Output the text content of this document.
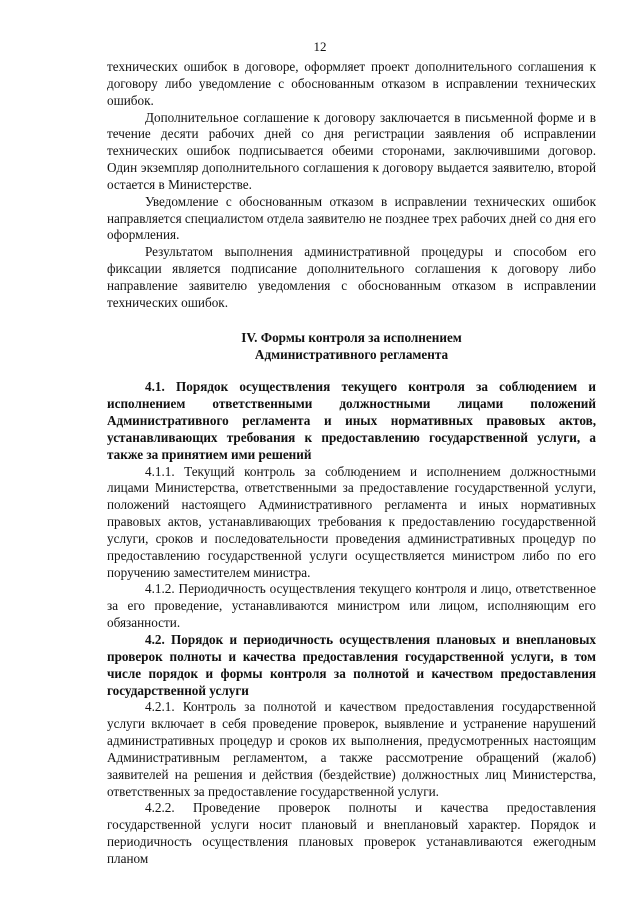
12

технических ошибок в договоре, оформляет проект дополнительного соглашения к договору либо уведомление с обоснованным отказом в исправлении технических ошибок.

Дополнительное соглашение к договору заключается в письменной форме и в течение десяти рабочих дней со дня регистрации заявления об исправлении технических ошибок подписывается обеими сторонами, заключившими договор. Один экземпляр дополнительного соглашения к договору выдается заявителю, второй остается в Министерстве.

Уведомление с обоснованным отказом в исправлении технических ошибок направляется специалистом отдела заявителю не позднее трех рабочих дней со дня его оформления.

Результатом выполнения административной процедуры и способом его фиксации является подписание дополнительного соглашения к договору либо направление заявителю уведомления с обоснованным отказом в исправлении технических ошибок.

IV. Формы контроля за исполнением

Административного регламента

4.1. Порядок осуществления текущего контроля за соблюдением и исполнением ответственными должностными лицами положений Административного регламента и иных нормативных правовых актов, устанавливающих требования к предоставлению государственной услуги, а также за принятием ими решений

4.1.1. Текущий контроль за соблюдением и исполнением должностными лицами Министерства, ответственными за предоставление государственной услуги, положений настоящего Административного регламента и иных нормативных правовых актов, устанавливающих требования к предоставлению государственной услуги, сроков и последовательности проведения административных процедур по предоставлению государственной услуги осуществляется министром либо по его поручению заместителем министра.

4.1.2. Периодичность осуществления текущего контроля и лицо, ответственное за его проведение, устанавливаются министром или лицом, исполняющим его обязанности.

4.2. Порядок и периодичность осуществления плановых и внеплановых проверок полноты и качества предоставления государственной услуги, в том числе порядок и формы контроля за полнотой и качеством предоставления государственной услуги

4.2.1. Контроль за полнотой и качеством предоставления государственной услуги включает в себя проведение проверок, выявление и устранение нарушений административных процедур и сроков их выполнения, предусмотренных настоящим Административным регламентом, а также рассмотрение обращений (жалоб) заявителей на решения и действия (бездействие) должностных лиц Министерства, ответственных за предоставление государственной услуги.

4.2.2. Проведение проверок полноты и качества предоставления государственной услуги носит плановый и внеплановый характер. Порядок и периодичность осуществления плановых проверок устанавливаются ежегодным планом
